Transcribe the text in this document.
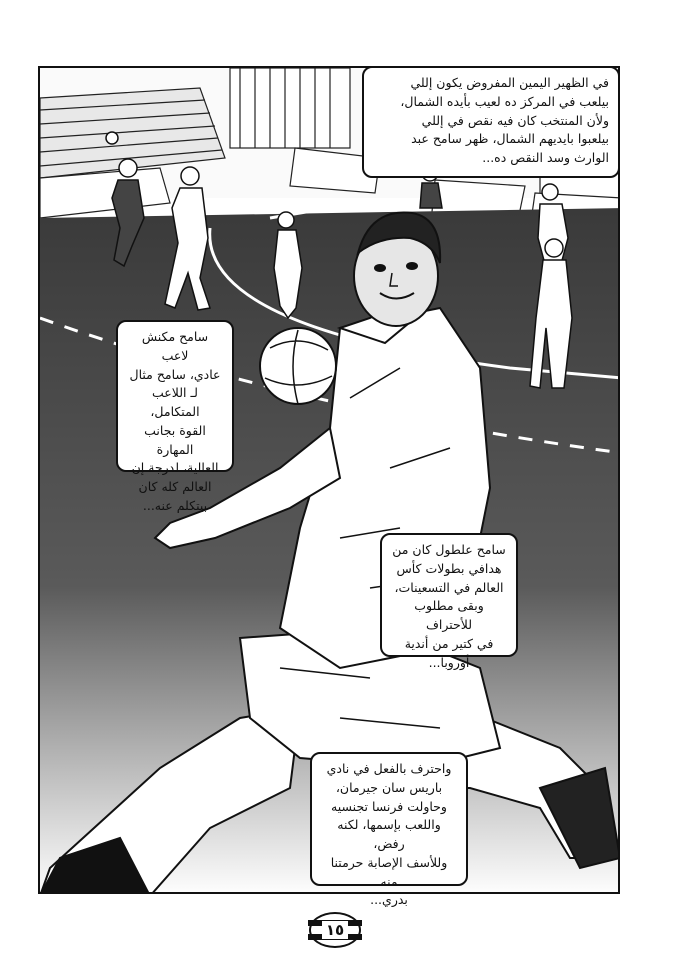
في الظهير اليمين المفروض يكون إللي
بيلعب في المركز ده لعيب بأيده الشمال،
ولأن المنتخب كان فيه نقص في إللي
بيلعبوا بايديهم الشمال، ظهر سامح عبد
الوارث وسد النقص ده...
سامح مكنش لاعب
عادي، سامح مثال
لـ اللاعب المتكامل،
القوة بجانب المهارة
العالية، لدرجة إن
العالم كله كان
بيتكلم عنه...
سامح علطول كان من
هدافي بطولات كأس
العالم في التسعينات،
وبقى مطلوب للأحتراف
في كتير من أندية
أوروبا...
واحترف بالفعل في نادي
باريس سان جيرمان،
وحاولت فرنسا تجنسيه
واللعب بإسمها، لكنه رفض،
وللأسف الإصابة حرمتنا منه
بدري...
١٥
